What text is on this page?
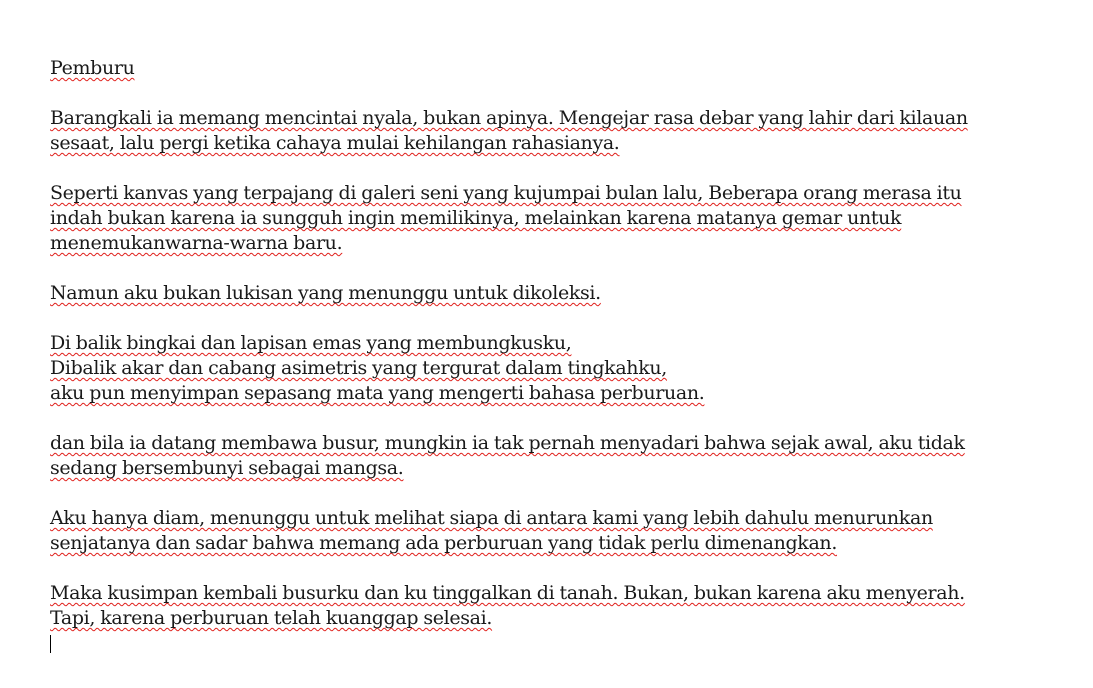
Pemburu
Barangkali ia memang mencintai nyala, bukan apinya. Mengejar rasa debar yang lahir dari kilauan
sesaat, lalu pergi ketika cahaya mulai kehilangan rahasianya.
Seperti kanvas yang terpajang di galeri seni yang kujumpai bulan lalu, Beberapa orang merasa itu
indah bukan karena ia sungguh ingin memilikinya, melainkan karena matanya gemar untuk
menemukanwarna-warna baru.
Namun aku bukan lukisan yang menunggu untuk dikoleksi.
Di balik bingkai dan lapisan emas yang membungkusku,
Dibalik akar dan cabang asimetris yang tergurat dalam tingkahku,
aku pun menyimpan sepasang mata yang mengerti bahasa perburuan.
dan bila ia datang membawa busur, mungkin ia tak pernah menyadari bahwa sejak awal, aku tidak
sedang bersembunyi sebagai mangsa.
Aku hanya diam, menunggu untuk melihat siapa di antara kami yang lebih dahulu menurunkan
senjatanya dan sadar bahwa memang ada perburuan yang tidak perlu dimenangkan.
Maka kusimpan kembali busurku dan ku tinggalkan di tanah. Bukan, bukan karena aku menyerah.
Tapi, karena perburuan telah kuanggap selesai.
